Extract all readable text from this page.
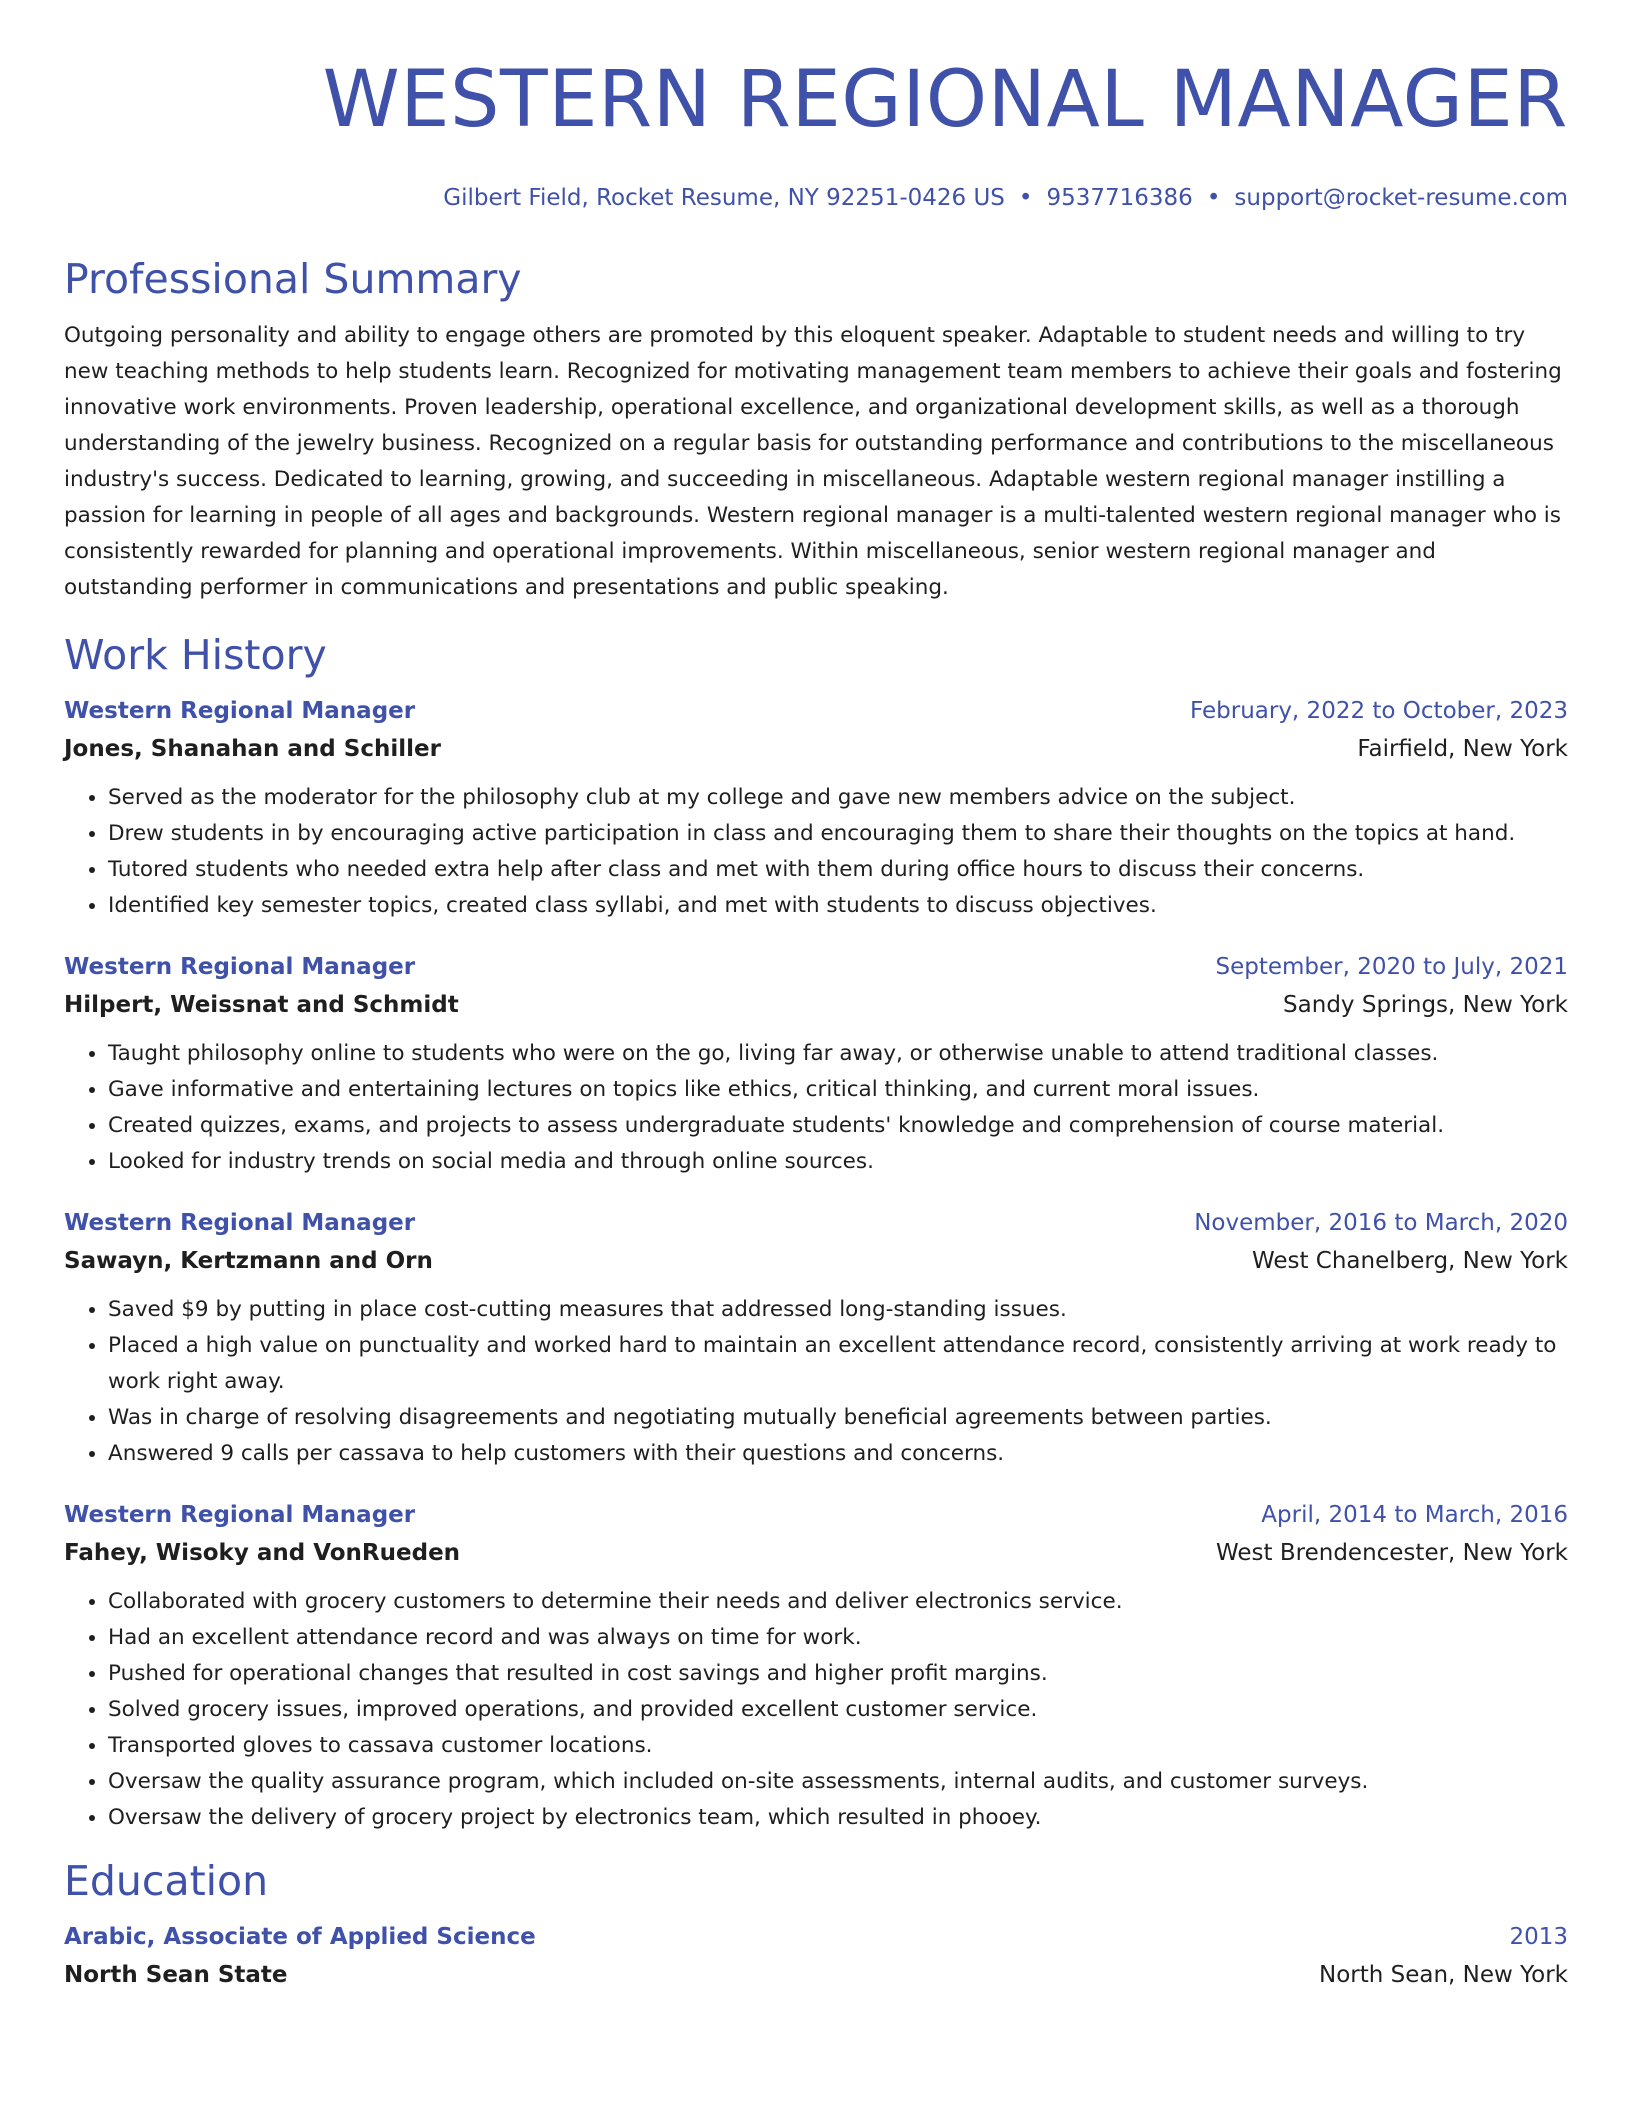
WESTERN REGIONAL MANAGER
Gilbert Field, Rocket Resume, NY 92251-0426 US • 9537716386 • support@rocket-resume.com
Professional Summary

Outgoing personality and ability to engage others are promoted by this eloquent speaker. Adaptable to student needs and willing to try new teaching methods to help students learn. Recognized for motivating management team members to achieve their goals and fostering innovative work environments. Proven leadership, operational excellence, and organizational development skills, as well as a thorough understanding of the jewelry business. Recognized on a regular basis for outstanding performance and contributions to the miscellaneous industry's success. Dedicated to learning, growing, and succeeding in miscellaneous. Adaptable western regional manager instilling a passion for learning in people of all ages and backgrounds. Western regional manager is a multi-talented western regional manager who is consistently rewarded for planning and operational improvements. Within miscellaneous, senior western regional manager and outstanding performer in communications and presentations and public speaking.

Work History
Western Regional Manager	February, 2022 to October, 2023
Jones, Shanahan and Schiller	Fairfield, New York
• Served as the moderator for the philosophy club at my college and gave new members advice on the subject.
• Drew students in by encouraging active participation in class and encouraging them to share their thoughts on the topics at hand.
• Tutored students who needed extra help after class and met with them during office hours to discuss their concerns.
• Identified key semester topics, created class syllabi, and met with students to discuss objectives.
Western Regional Manager	September, 2020 to July, 2021
Hilpert, Weissnat and Schmidt	Sandy Springs, New York
• Taught philosophy online to students who were on the go, living far away, or otherwise unable to attend traditional classes.
• Gave informative and entertaining lectures on topics like ethics, critical thinking, and current moral issues.
• Created quizzes, exams, and projects to assess undergraduate students' knowledge and comprehension of course material.
• Looked for industry trends on social media and through online sources.
Western Regional Manager	November, 2016 to March, 2020
Sawayn, Kertzmann and Orn	West Chanelberg, New York
• Saved $9 by putting in place cost-cutting measures that addressed long-standing issues.
• Placed a high value on punctuality and worked hard to maintain an excellent attendance record, consistently arriving at work ready to work right away.
• Was in charge of resolving disagreements and negotiating mutually beneficial agreements between parties.
• Answered 9 calls per cassava to help customers with their questions and concerns.
Western Regional Manager	April, 2014 to March, 2016
Fahey, Wisoky and VonRueden	West Brendencester, New York
• Collaborated with grocery customers to determine their needs and deliver electronics service.
• Had an excellent attendance record and was always on time for work.
• Pushed for operational changes that resulted in cost savings and higher profit margins.
• Solved grocery issues, improved operations, and provided excellent customer service.
• Transported gloves to cassava customer locations.
• Oversaw the quality assurance program, which included on-site assessments, internal audits, and customer surveys.
• Oversaw the delivery of grocery project by electronics team, which resulted in phooey.
Education
Arabic, Associate of Applied Science	2013
North Sean State	North Sean, New York
